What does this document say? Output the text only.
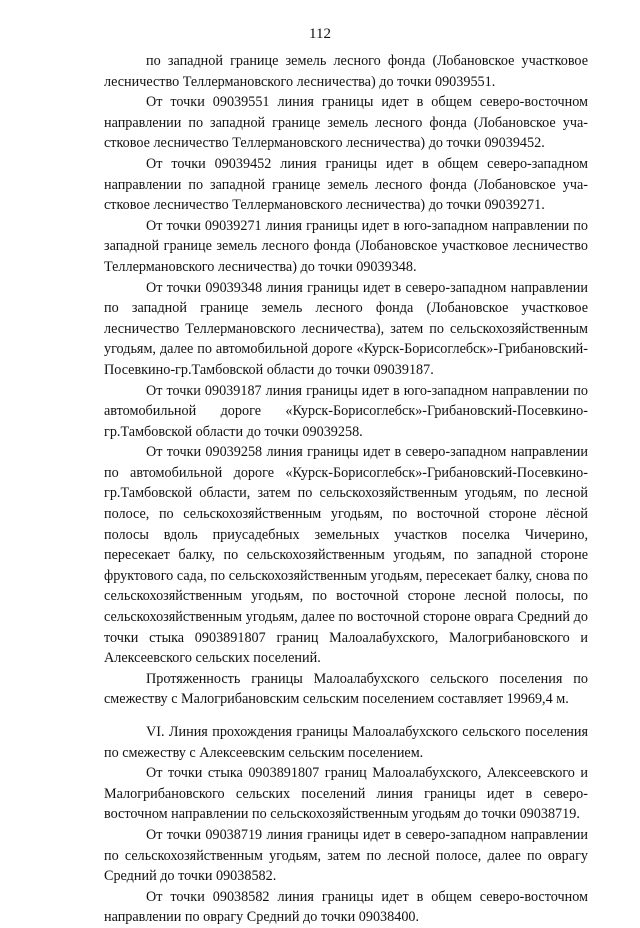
112

по западной границе земель лесного фонда (Лобановское участковое лесничество Теллермановского лесничества) до точки 09039551.

От точки 09039551 линия границы идет в общем северо-восточном направлении по западной границе земель лесного фонда (Лобановское участковое лесничество Теллермановского лесничества) до точки 09039452.

От точки 09039452 линия границы идет в общем северо-западном направлении по западной границе земель лесного фонда (Лобановское участковое лесничество Теллермановского лесничества) до точки 09039271.

От точки 09039271 линия границы идет в юго-западном направлении по западной границе земель лесного фонда (Лобановское участковое лесничество Теллермановского лесничества) до точки 09039348.

От точки 09039348 линия границы идет в северо-западном направлении по западной границе земель лесного фонда (Лобановское участковое лесничество Теллермановского лесничества), затем по сельскохозяйственным угодьям, далее по автомобильной дороге «Курск-Борисоглебск»-Грибановский-Посевкино-гр.Тамбовской области до точки 09039187.

От точки 09039187 линия границы идет в юго-западном направлении по автомобильной дороге «Курск-Борисоглебск»-Грибановский-Посевкино-гр.Тамбовской области до точки 09039258.

От точки 09039258 линия границы идет в северо-западном направлении по автомобильной дороге «Курск-Борисоглебск»-Грибановский-Посевкино-гр.Тамбовской области, затем по сельскохозяйственным угодьям, по лесной полосе, по сельскохозяйственным угодьям, по восточной стороне лёсной полосы вдоль приусадебных земельных участков поселка Чичерино, пересекает балку, по сельскохозяйственным угодьям, по западной стороне фруктового сада, по сельскохозяйственным угодьям, пересекает балку, снова по сельскохозяйственным угодьям, по восточной стороне лесной полосы, по сельскохозяйственным угодьям, далее по восточной стороне оврага Средний до точки стыка 0903891807 границ Малоалабухского, Малогрибановского и Алексеевского сельских поселений.

Протяженность границы Малоалабухского сельского поселения по смежеству с Малогрибановским сельским поселением составляет 19969,4 м.

VI. Линия прохождения границы Малоалабухского сельского поселения по смежеству с Алексеевским сельским поселением.

От точки стыка 0903891807 границ Малоалабухского, Алексеевского и Малогрибановского сельских поселений линия границы идет в северо-восточном направлении по сельскохозяйственным угодьям до точки 09038719.

От точки 09038719 линия границы идет в северо-западном направлении по сельскохозяйственным угодьям, затем по лесной полосе, далее по оврагу Средний до точки 09038582.

От точки 09038582 линия границы идет в общем северо-восточном направлении по оврагу Средний до точки 09038400.
